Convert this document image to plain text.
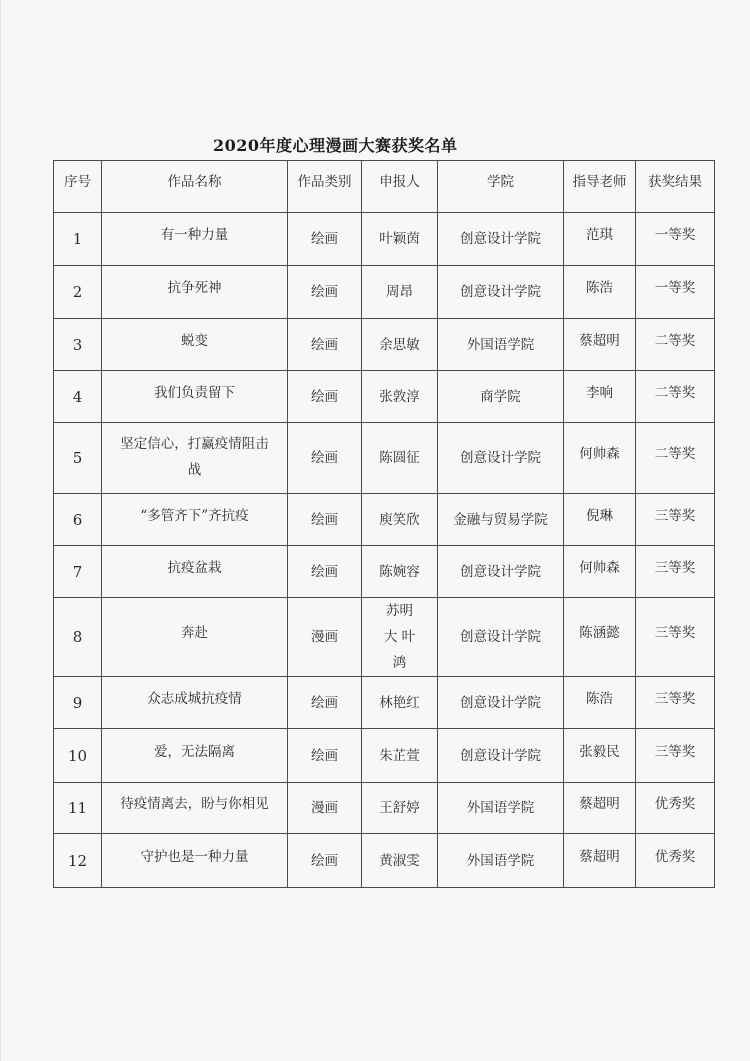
2020年度心理漫画大赛获奖名单
序号	作品名称	作品类别	申报人	学院	指导老师	获奖结果
1	有一种力量	绘画	叶颖茵	创意设计学院	范琪	一等奖
2	抗争死神	绘画	周昂	创意设计学院	陈浩	一等奖
3	蜕变	绘画	余思敏	外国语学院	蔡超明	二等奖
4	我们负责留下	绘画	张敦淳	商学院	李响	二等奖
5	坚定信心，打赢疫情阻击战	绘画	陈圆征	创意设计学院	何帅森	二等奖
6	“多管齐下”齐抗疫	绘画	庾笑欣	金融与贸易学院	倪琳	三等奖
7	抗疫盆栽	绘画	陈婉容	创意设计学院	何帅森	三等奖
8	奔赴	漫画	苏明大 叶鸿	创意设计学院	陈涵懿	三等奖
9	众志成城抗疫情	绘画	林艳红	创意设计学院	陈浩	三等奖
10	爱，无法隔离	绘画	朱芷萱	创意设计学院	张毅民	三等奖
11	待疫情离去，盼与你相见	漫画	王舒婷	外国语学院	蔡超明	优秀奖
12	守护也是一种力量	绘画	黄淑雯	外国语学院	蔡超明	优秀奖
